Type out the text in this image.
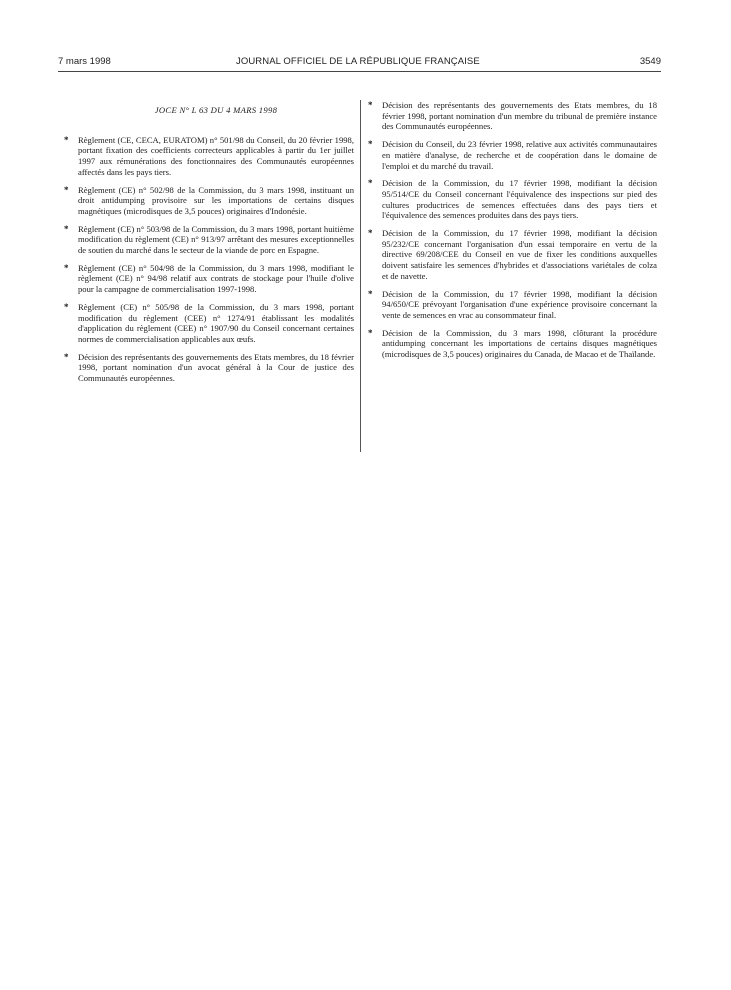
7 mars 1998	JOURNAL OFFICIEL DE LA RÉPUBLIQUE FRANÇAISE	3549
JOCE N° L 63 DU 4 MARS 1998
*	Règlement (CE, CECA, EURATOM) n° 501/98 du Conseil, du 20 février 1998, portant fixation des coefficients correcteurs applicables à partir du 1er juillet 1997 aux rémunérations des fonctionnaires des Communautés européennes affectés dans les pays tiers.
*	Règlement (CE) n° 502/98 de la Commission, du 3 mars 1998, instituant un droit antidumping provisoire sur les importations de certains disques magnétiques (microdisques de 3,5 pouces) originaires d'Indonésie.
*	Règlement (CE) n° 503/98 de la Commission, du 3 mars 1998, portant huitième modification du règlement (CE) n° 913/97 arrêtant des mesures exceptionnelles de soutien du marché dans le secteur de la viande de porc en Espagne.
*	Règlement (CE) n° 504/98 de la Commission, du 3 mars 1998, modifiant le règlement (CE) n° 94/98 relatif aux contrats de stockage pour l'huile d'olive pour la campagne de commercialisation 1997-1998.
*	Règlement (CE) n° 505/98 de la Commission, du 3 mars 1998, portant modification du règlement (CEE) n° 1274/91 établissant les modalités d'application du règlement (CEE) n° 1907/90 du Conseil concernant certaines normes de commercialisation applicables aux œufs.
*	Décision des représentants des gouvernements des Etats membres, du 18 février 1998, portant nomination d'un avocat général à la Cour de justice des Communautés européennes.
*	Décision des représentants des gouvernements des Etats membres, du 18 février 1998, portant nomination d'un membre du tribunal de première instance des Communautés européennes.
*	Décision du Conseil, du 23 février 1998, relative aux activités communautaires en matière d'analyse, de recherche et de coopération dans le domaine de l'emploi et du marché du travail.
*	Décision de la Commission, du 17 février 1998, modifiant la décision 95/514/CE du Conseil concernant l'équivalence des inspections sur pied des cultures productrices de semences effectuées dans des pays tiers et l'équivalence des semences produites dans des pays tiers.
*	Décision de la Commission, du 17 février 1998, modifiant la décision 95/232/CE concernant l'organisation d'un essai temporaire en vertu de la directive 69/208/CEE du Conseil en vue de fixer les conditions auxquelles doivent satisfaire les semences d'hybrides et d'associations variétales de colza et de navette.
*	Décision de la Commission, du 17 février 1998, modifiant la décision 94/650/CE prévoyant l'organisation d'une expérience provisoire concernant la vente de semences en vrac au consommateur final.
*	Décision de la Commission, du 3 mars 1998, clôturant la procédure antidumping concernant les importations de certains disques magnétiques (microdisques de 3,5 pouces) originaires du Canada, de Macao et de Thaïlande.
